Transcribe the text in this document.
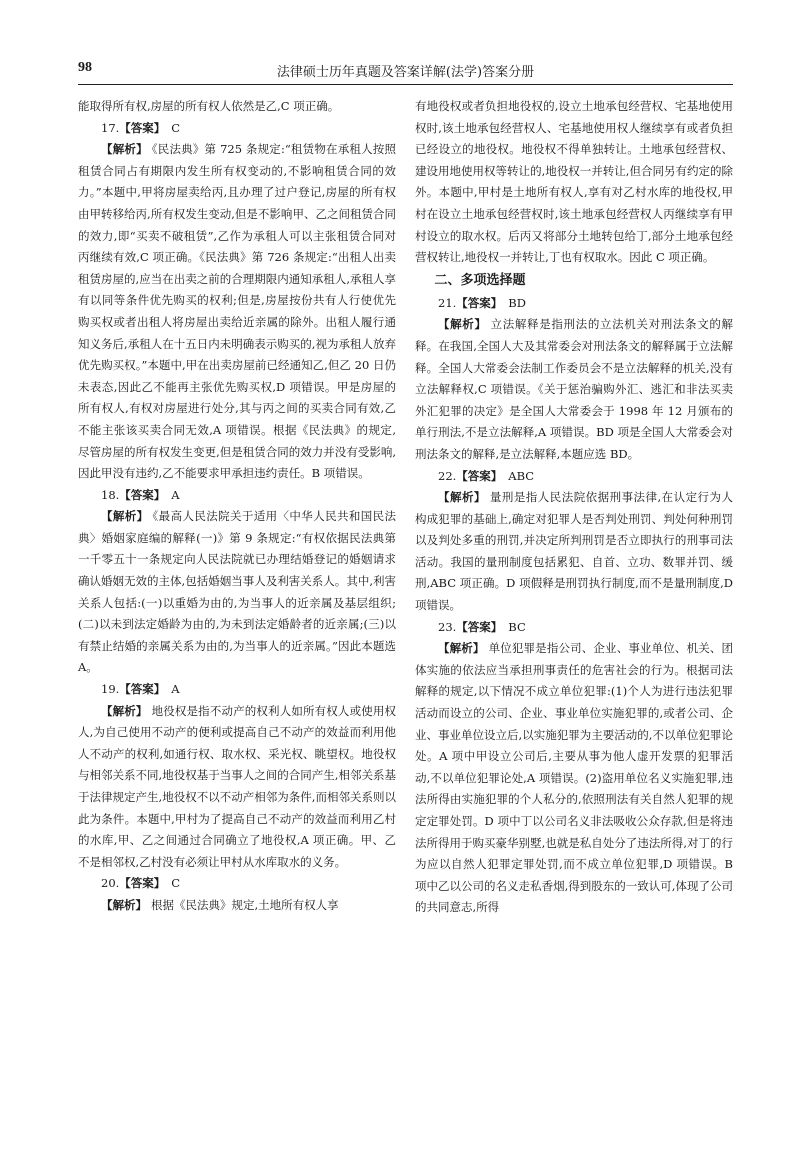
98	法律硕士历年真题及答案详解(法学)答案分册

能取得所有权,房屋的所有权人依然是乙,C 项正确。

17.【答案】 C

【解析】 《民法典》第 725 条规定:“租赁物在承租人按照租赁合同占有期限内发生所有权变动的,不影响租赁合同的效力。”本题中,甲将房屋卖给丙,且办理了过户登记,房屋的所有权由甲转移给丙,所有权发生变动,但是不影响甲、乙之间租赁合同的效力,即“买卖不破租赁”,乙作为承租人可以主张租赁合同对丙继续有效,C 项正确。《民法典》第 726 条规定:“出租人出卖租赁房屋的,应当在出卖之前的合理期限内通知承租人,承租人享有以同等条件优先购买的权利;但是,房屋按份共有人行使优先购买权或者出租人将房屋出卖给近亲属的除外。出租人履行通知义务后,承租人在十五日内未明确表示购买的,视为承租人放弃优先购买权。”本题中,甲在出卖房屋前已经通知乙,但乙 20 日仍未表态,因此乙不能再主张优先购买权,D 项错误。甲是房屋的所有权人,有权对房屋进行处分,其与丙之间的买卖合同有效,乙不能主张该买卖合同无效,A 项错误。根据《民法典》的规定,尽管房屋的所有权发生变更,但是租赁合同的效力并没有受影响,因此甲没有违约,乙不能要求甲承担违约责任。B 项错误。

18.【答案】 A

【解析】 《最高人民法院关于适用〈中华人民共和国民法典〉婚姻家庭编的解释(一)》第 9 条规定:“有权依据民法典第一千零五十一条规定向人民法院就已办理结婚登记的婚姻请求确认婚姻无效的主体,包括婚姻当事人及利害关系人。其中,利害关系人包括:(一)以重婚为由的,为当事人的近亲属及基层组织;(二)以未到法定婚龄为由的,为未到法定婚龄者的近亲属;(三)以有禁止结婚的亲属关系为由的,为当事人的近亲属。”因此本题选 A。

19.【答案】 A

【解析】 地役权是指不动产的权利人如所有权人或使用权人,为自己使用不动产的便利或提高自己不动产的效益而利用他人不动产的权利,如通行权、取水权、采光权、眺望权。地役权与相邻关系不同,地役权基于当事人之间的合同产生,相邻关系基于法律规定产生,地役权不以不动产相邻为条件,而相邻关系则以此为条件。本题中,甲村为了提高自己不动产的效益而利用乙村的水库,甲、乙之间通过合同确立了地役权,A 项正确。甲、乙不是相邻权,乙村没有必须让甲村从水库取水的义务。

20.【答案】 C

【解析】 根据《民法典》规定,土地所有权人享

有地役权或者负担地役权的,设立土地承包经营权、宅基地使用权时,该土地承包经营权人、宅基地使用权人继续享有或者负担已经设立的地役权。地役权不得单独转让。土地承包经营权、建设用地使用权等转让的,地役权一并转让,但合同另有约定的除外。本题中,甲村是土地所有权人,享有对乙村水库的地役权,甲村在设立土地承包经营权时,该土地承包经营权人丙继续享有甲村设立的取水权。后丙又将部分土地转包给丁,部分土地承包经营权转让,地役权一并转让,丁也有权取水。因此 C 项正确。

二、多项选择题

21.【答案】 BD

【解析】 立法解释是指刑法的立法机关对刑法条文的解释。在我国,全国人大及其常委会对刑法条文的解释属于立法解释。全国人大常委会法制工作委员会不是立法解释的机关,没有立法解释权,C 项错误。《关于惩治骗购外汇、逃汇和非法买卖外汇犯罪的决定》是全国人大常委会于 1998 年 12 月颁布的单行刑法,不是立法解释,A 项错误。BD 项是全国人大常委会对刑法条文的解释,是立法解释,本题应选 BD。

22.【答案】 ABC

【解析】 量刑是指人民法院依据刑事法律,在认定行为人构成犯罪的基础上,确定对犯罪人是否判处刑罚、判处何种刑罚以及判处多重的刑罚,并决定所判刑罚是否立即执行的刑事司法活动。我国的量刑制度包括累犯、自首、立功、数罪并罚、缓刑,ABC 项正确。D 项假释是刑罚执行制度,而不是量刑制度,D 项错误。

23.【答案】 BC

【解析】 单位犯罪是指公司、企业、事业单位、机关、团体实施的依法应当承担刑事责任的危害社会的行为。根据司法解释的规定,以下情况不成立单位犯罪:(1)个人为进行违法犯罪活动而设立的公司、企业、事业单位实施犯罪的,或者公司、企业、事业单位设立后,以实施犯罪为主要活动的,不以单位犯罪论处。A 项中甲设立公司后,主要从事为他人虚开发票的犯罪活动,不以单位犯罪论处,A 项错误。(2)盗用单位名义实施犯罪,违法所得由实施犯罪的个人私分的,依照刑法有关自然人犯罪的规定定罪处罚。D 项中丁以公司名义非法吸收公众存款,但是将违法所得用于购买豪华别墅,也就是私自处分了违法所得,对丁的行为应以自然人犯罪定罪处罚,而不成立单位犯罪,D 项错误。B 项中乙以公司的名义走私香烟,得到股东的一致认可,体现了公司的共同意志,所得
